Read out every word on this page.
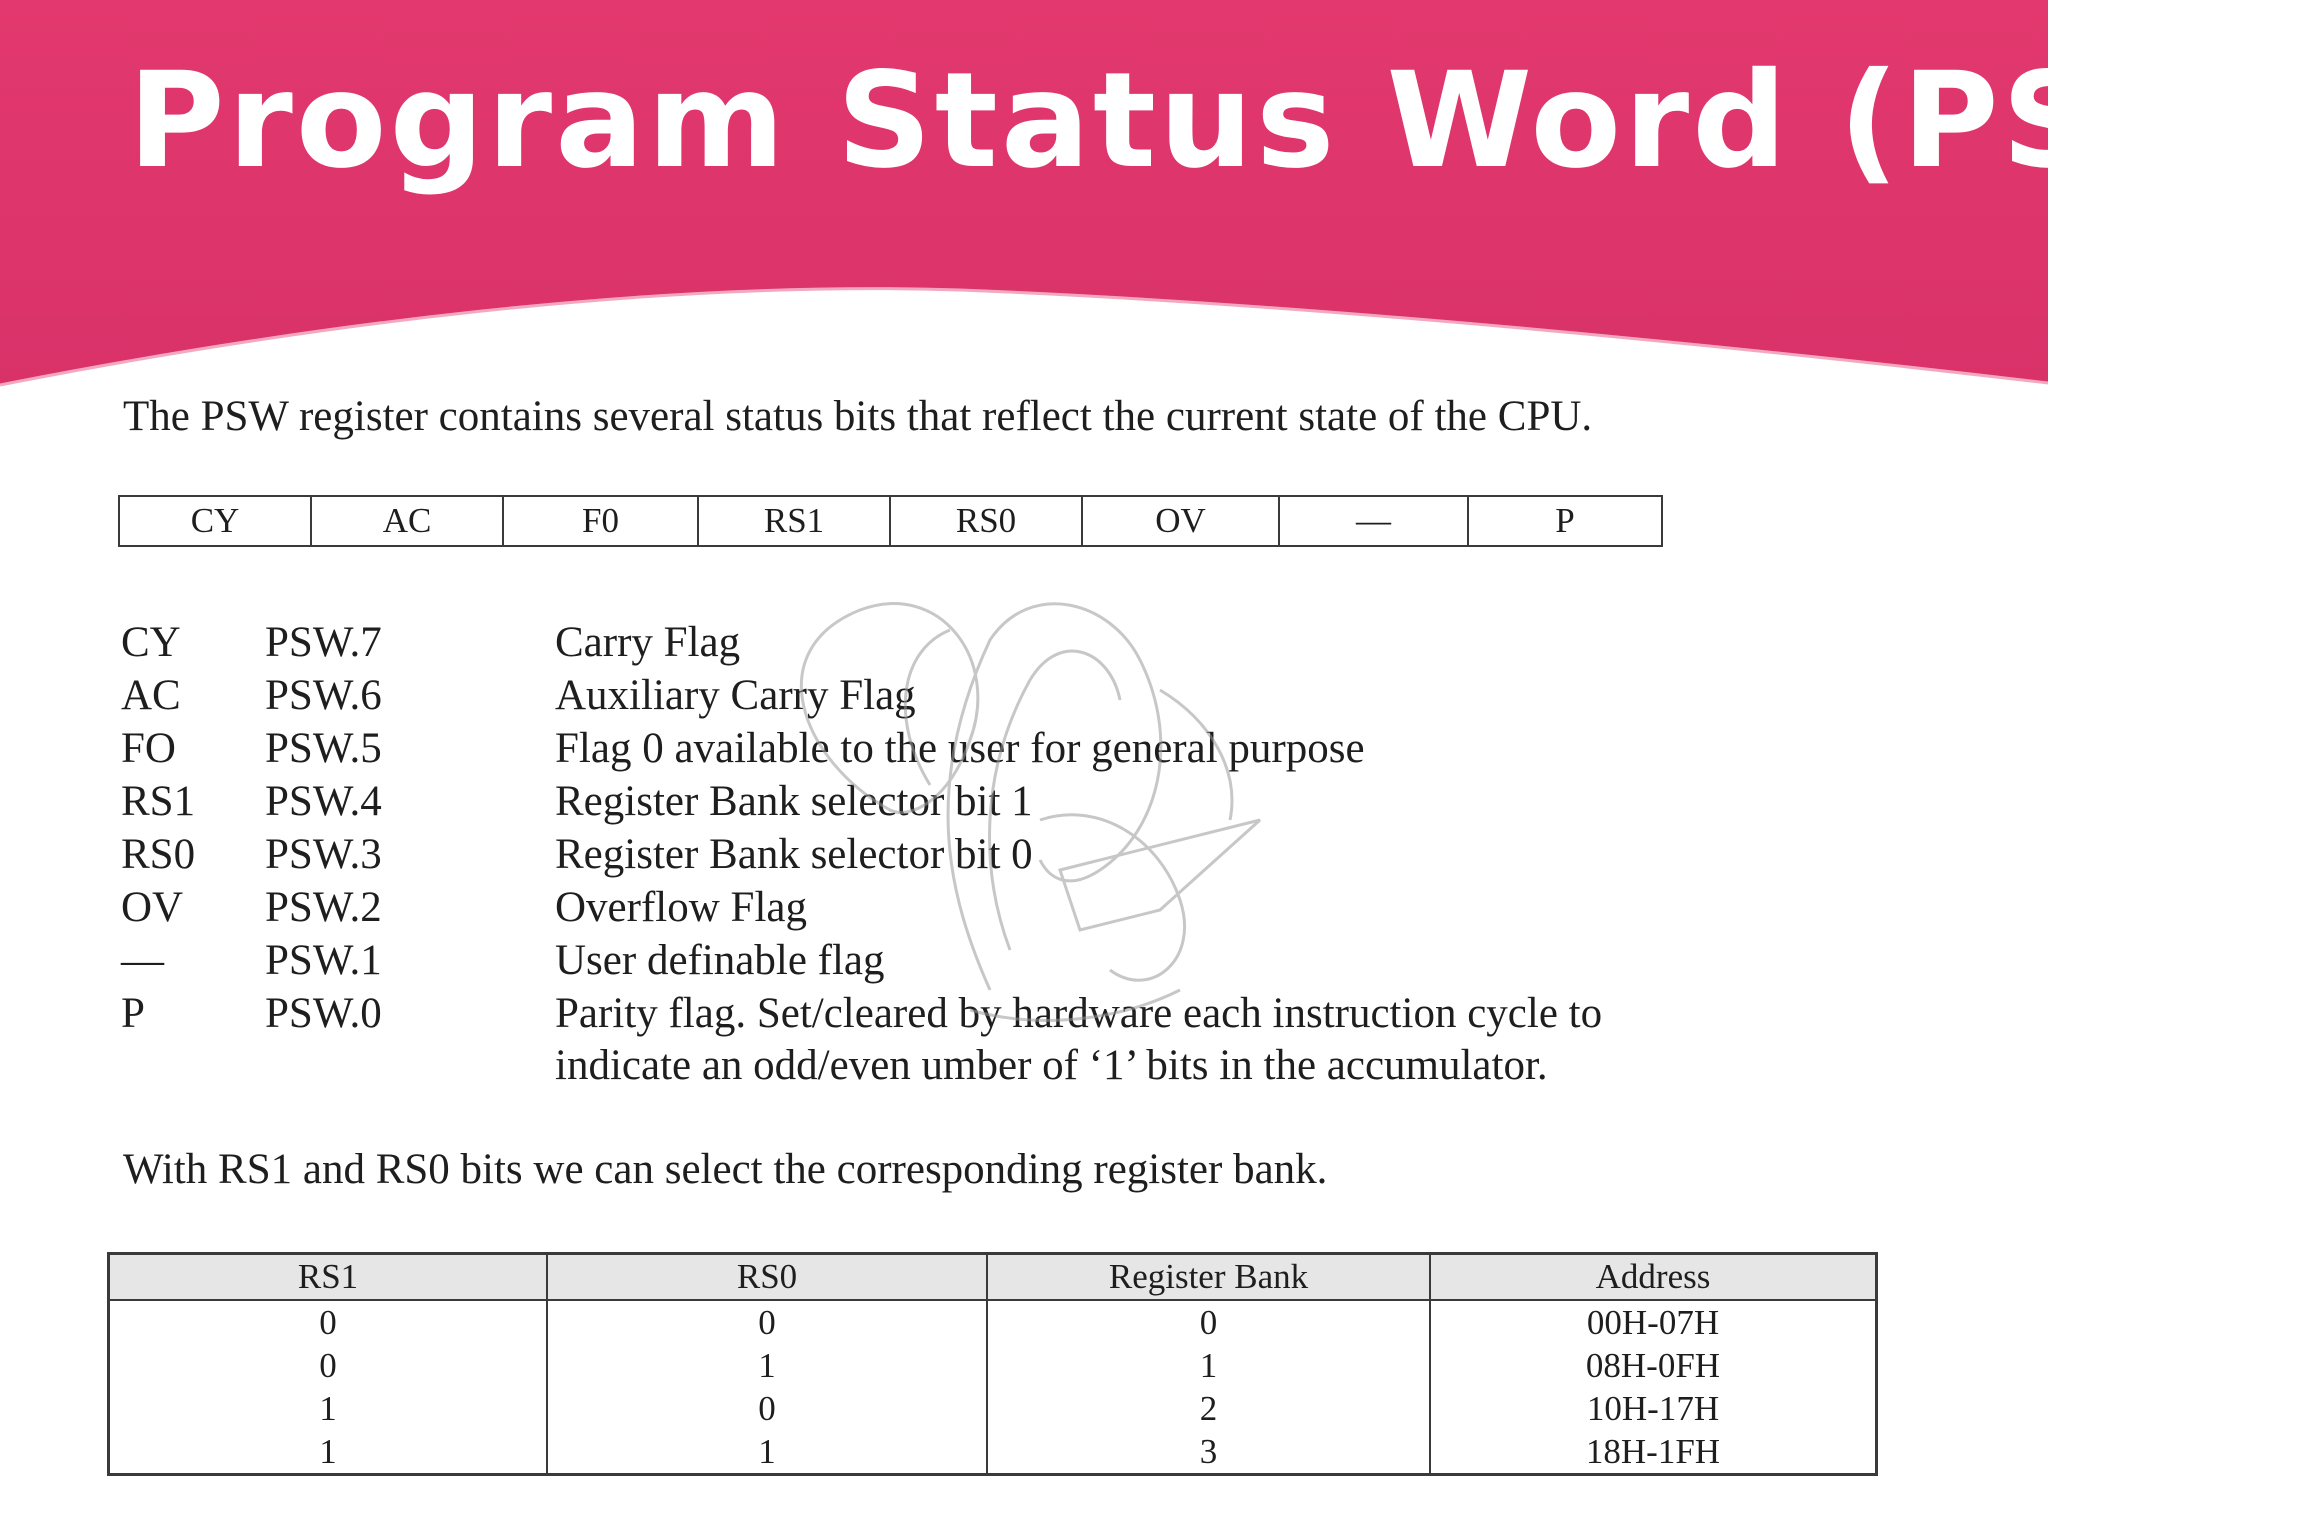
Program Status Word (PSW)
The PSW register contains several status bits that reflect the current state of the CPU.
CY	AC	F0	RS1	RS0	OV	—	P
CY	PSW.7	Carry Flag
AC	PSW.6	Auxiliary Carry Flag
FO	PSW.5	Flag 0 available to the user for general purpose
RS1	PSW.4	Register Bank selector bit 1
RS0	PSW.3	Register Bank selector bit 0
OV	PSW.2	Overflow Flag
—	PSW.1	User definable flag
P	PSW.0	Parity flag. Set/cleared by hardware each instruction cycle to
indicate an odd/even umber of ‘1’ bits in the accumulator.
With RS1 and RS0 bits we can select the corresponding register bank.
RS1	RS0	Register Bank	Address
0	0	0	00H-07H
0	1	1	08H-0FH
1	0	2	10H-17H
1	1	3	18H-1FH
